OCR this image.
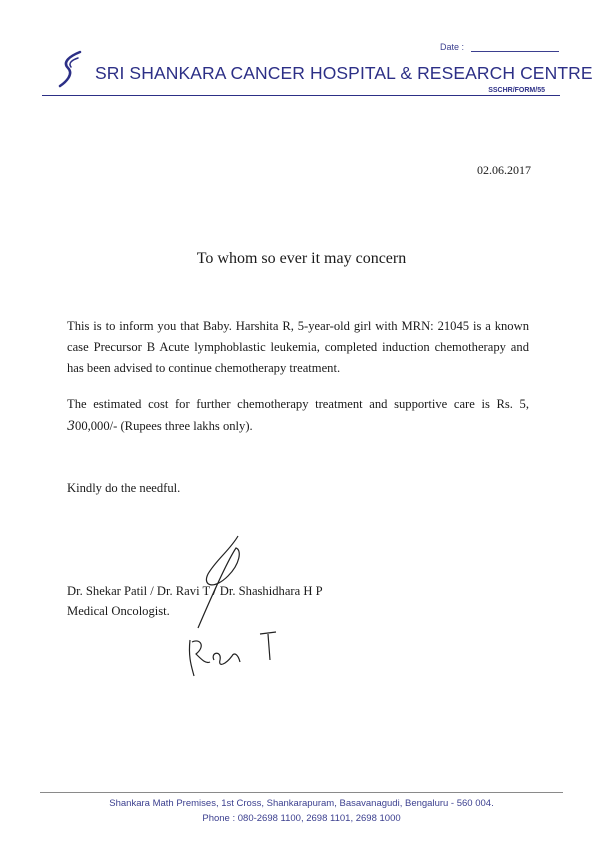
Date :
SRI SHANKARA CANCER HOSPITAL & RESEARCH CENTRE
SSCHR/FORM/55
02.06.2017
To whom so ever it may concern
This is to inform you that Baby. Harshita R, 5-year-old girl with MRN: 21045 is a known case Precursor B Acute lymphoblastic leukemia, completed induction chemotherapy and has been advised to continue chemotherapy treatment.
The estimated cost for further chemotherapy treatment and supportive care is Rs. 5, 300,000/- (Rupees three lakhs only).
Kindly do the needful.
Dr. Shekar Patil / Dr. Ravi T / Dr. Shashidhara H P
Medical Oncologist.
Shankara Math Premises, 1st Cross, Shankarapuram, Basavanagudi, Bengaluru - 560 004.
Phone : 080-2698 1100, 2698 1101, 2698 1000
